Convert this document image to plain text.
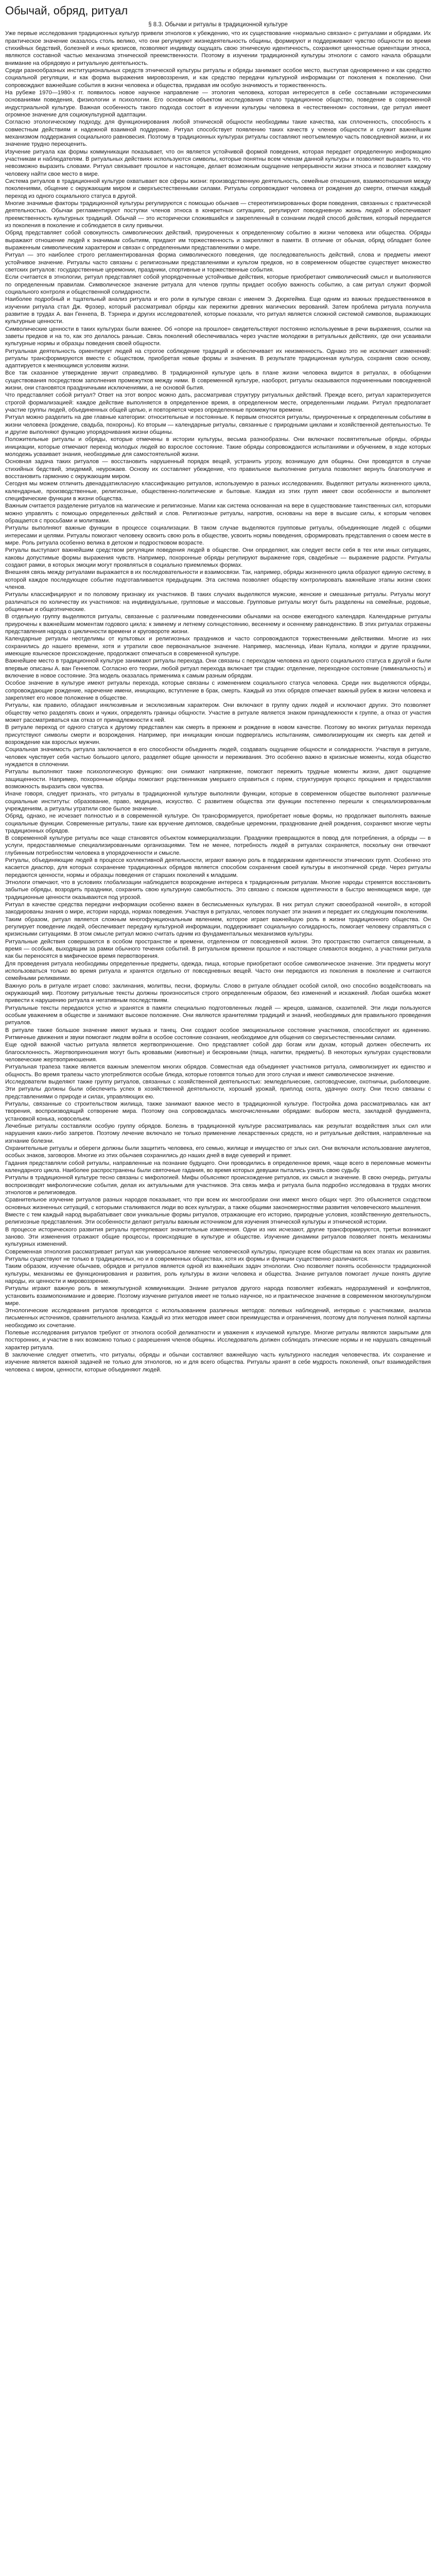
Обычай, обряд, ритуал
§ 8.3. Обычаи и ритуалы в традиционной культуре

Уже первые исследования традиционных культур привели этнологов к убеждению, что их существование «нормально связано» с ритуалами и обрядами. Их практическое значение оказалось столь велико, что они регулируют жизнедеятельность общины, формируют и поддерживают чувство общности во время стихийных бедствий, болезней и иных кризисов, позволяют индивиду ощущать свою этническую идентичность, сохраняют ценностные ориентации этноса, являются составной частью механизма этнической преемственности. Поэтому в изучении традиционной культуры этнологи с самого начала обращали внимание на обрядовую и ритуальную деятельность.

Среди разнообразных институциональных средств этнической культуры ритуалы и обряды занимают особое место, выступая одновременно и как средство социальной регуляции, и как форма выражения мировоззрения, и как средство передачи культурной информации от поколения к поколению. Они сопровождают важнейшие события в жизни человека и общества, придавая им особую значимость и торжественность.

На рубеже 1970—1980-х гг. появилось новое научное направление — этология человека, которая интересуется в себе составными историческими основаниями поведения, физиологии и психологии. Его основным объектом исследования стало традиционное общество, поведение в современной индустриальной культуре. Важная особенность такого подхода состоит в изучении культуры человека в «естественном» состоянии, где ритуал имеет огромное значение для социокультурной адаптации.

Согласно этологическому подходу, для функционирования любой этнической общности необходимы такие качества, как сплоченность, способность к совместным действиям и надежной взаимной поддержке. Ритуал способствует появлению таких качеств у членов общности и служит важнейшим механизмом поддержания социального равновесия. Поэтому в традиционных культурах ритуалы составляют неотъемлемую часть повседневной жизни, и их значение трудно переоценить.

Изучение ритуала как формы коммуникации показывает, что он является устойчивой формой поведения, которая передает определенную информацию участникам и наблюдателям. В ритуальных действиях используются символы, которые понятны всем членам данной культуры и позволяют выразить то, что невозможно выразить словами. Ритуал связывает прошлое и настоящее, делает возможным ощущение непрерывности жизни этноса и позволяет каждому человеку найти свое место в мире.

Система ритуалов в традиционной культуре охватывает все сферы жизни: производственную деятельность, семейные отношения, взаимоотношения между поколениями, общение с окружающим миром и сверхъестественными силами. Ритуалы сопровождают человека от рождения до смерти, отмечая каждый переход из одного социального статуса в другой.

Многие значимые факторы традиционной культуры регулируются с помощью обычаев — стереотипизированных форм поведения, связанных с практической деятельностью. Обычаи регламентируют поступки членов этноса в конкретных ситуациях, регулируют повседневную жизнь людей и обеспечивают преемственность культурных традиций. Обычай — это исторически сложившийся и закрепленный в сознании людей способ действия, который передается из поколения в поколение и соблюдается в силу привычки.

Обряд представляет собой совокупность символических действий, приуроченных к определенному событию в жизни человека или общества. Обряды выражают отношение людей к значимым событиям, придают им торжественность и закрепляют в памяти. В отличие от обычая, обряд обладает более выраженным символическим характером и связан с определенными представлениями о мире.

Ритуал — это наиболее строго регламентированная форма символического поведения, где последовательность действий, слова и предметы имеют устойчивое значение. Ритуалы часто связаны с религиозными представлениями и культом предков, но в современном обществе существует множество светских ритуалов: государственные церемонии, праздники, спортивные и торжественные события.

Если считается в этнологии, ритуал представляет собой упорядоченные устойчивые действия, которые приобретают символический смысл и выполняются по определенным правилам. Символическое значение ритуала для членов группы придает особую важность событию, а сам ритуал служит формой социального контроля и общественной солидарности.

Наиболее подробный и тщательный анализ ритуала и его роли в культуре связан с именем Э. Дюркгейма. Еще одним из важных предшественников в изучении ритуала стал Дж. Фрэзер, который рассматривал обряды как пережитки древних магических верований. Затем проблема ритуала получила развитие в трудах А. ван Геннепа, В. Тэрнера и других исследователей, которые показали, что ритуал является сложной системой символов, выражающих культурные ценности.

Символические ценности в таких культурах были важнее. Об «опоре на прошлое» свидетельствуют постоянно используемые в речи выражения, ссылки на заветы предков и на то, как это делалось раньше. Связь поколений обеспечивалась через участие молодежи в ритуальных действиях, где они усваивали культурные нормы и образцы поведения своей общности.

Ритуальная деятельность ориентирует людей на строгое соблюдение традиций и обеспечивает их неизменность. Однако это не исключает изменений: ритуалы трансформируются вместе с обществом, приобретая новые формы и значения. В результате традиционная культура, сохраняя свою основу, адаптируется к меняющимся условиям жизни.

Все так сказанное утверждение звучит справедливо. В традиционной культуре цель в плане жизни человека видится в ритуалах, в обобщении существования посредством заполнения промежутков между ними. В современной культуре, наоборот, ритуалы оказываются подчиненными повседневной жизни, они становятся праздничными исключениями, а не основой бытия.

Что представляет собой ритуал? Ответ на этот вопрос можно дать, рассматривая структуру ритуальных действий. Прежде всего, ритуал характеризуется строгой формализацией: каждое действие выполняется в определенное время, в определенном месте, определенными людьми. Ритуал предполагает участие группы людей, объединенных общей целью, и повторяется через определенные промежутки времени.

Ритуал можно разделить на две главные категории: относительные и постоянные. К первым относятся ритуалы, приуроченные к определенным событиям в жизни человека (рождение, свадьба, похороны). Ко вторым — календарные ритуалы, связанные с природными циклами и хозяйственной деятельностью. Те и другие выполняют функцию упорядочивания жизни общины.

Положительные ритуалы и обряды, которые отмечены в истории культуры, весьма разнообразны. Они включают посвятительные обряды, обряды инициации, которые отмечают переход молодых людей во взрослое состояние. Такие обряды сопровождаются испытаниями и обучением, в ходе которых молодежь усваивает знания, необходимые для самостоятельной жизни.

Основная задача таких ритуалов — восстановить нарушенный порядок вещей, устранить угрозу, возникшую для общины. Они проводятся в случае стихийных бедствий, эпидемий, неурожаев. Основу их составляет убеждение, что правильное выполнение ритуала позволяет вернуть благополучие и восстановить гармонию с окружающим миром.

Сегодня мы можем отличить двенадцатикласную классификацию ритуалов, используемую в разных исследованиях. Выделяют ритуалы жизненного цикла, календарные, производственные, религиозные, общественно-политические и бытовые. Каждая из этих групп имеет свои особенности и выполняет специфические функции в жизни общества.

Важным считается разделение ритуалов на магические и религиозные. Магии как система основанная на вере в существование таинственных сил, которыми можно управлять с помощью определенных действий и слов. Религиозные ритуалы, напротив, основаны на вере в высшие силы, к которым человек обращается с просьбами и молитвами.

Ритуалы выполняют важные функции в процессе социализации. В таком случае выделяются групповые ритуалы, объединяющие людей с общими интересами и целями. Ритуалы помогают человеку освоить свою роль в обществе, усвоить нормы поведения, сформировать представления о своем месте в мире. Роль ритуала особенно велика в детском и подростковом возрасте.

Ритуалы выступают важнейшим средством регуляции поведения людей в обществе. Они определяют, как следует вести себя в тех или иных ситуациях, каковы допустимые формы выражения чувств. Например, похоронные обряды регулируют выражение горя, свадебные — выражение радости. Ритуалы создают рамки, в которых эмоции могут проявляться в социально приемлемых формах.

Внешняя связь между ритуалами выражается в их последовательности и взаимосвязи. Так, например, обряды жизненного цикла образуют единую систему, в которой каждое последующее событие подготавливается предыдущим. Эта система позволяет обществу контролировать важнейшие этапы жизни своих членов.

Ритуалы классифицируют и по половому признаку их участников. В таких случаях выделяются мужские, женские и смешанные ритуалы. Ритуалы могут различаться по количеству их участников: на индивидуальные, групповые и массовые. Групповые ритуалы могут быть разделены на семейные, родовые, общинные и общеэтнические.

В отдельную группу выделяются ритуалы, связанные с различными поведенческими обычаями на основе ежегодного календаря. Календарные ритуалы приурочены к важнейшим моментам годового цикла: к зимнему и летнему солнцестоянию, весеннему и осеннему равноденствию. В этих ритуалах отражены представления народа о цикличности времени и круговороте жизни.

Календарные ритуалы неотделимы от культовых и религиозных праздников и часто сопровождаются торжественными действиями. Многие из них сохранились до нашего времени, хотя и утратили свое первоначальное значение. Например, масленица, Иван Купала, колядки и другие праздники, имеющие языческое происхождение, продолжают отмечаться в современной культуре.

Важнейшее место в традиционной культуре занимают ритуалы перехода. Они связаны с переходом человека из одного социального статуса в другой и были впервые описаны А. ван Геннепом. Согласно его теории, любой ритуал перехода включает три стадии: отделение, переходное состояние (лиминальность) и включение в новое состояние. Эта модель оказалась применима к самым разным обрядам.

Особое значение в культуре имеют ритуалы перехода, которые связаны с изменением социального статуса человека. Среди них выделяются обряды, сопровождающие рождение, наречение имени, инициацию, вступление в брак, смерть. Каждый из этих обрядов отмечает важный рубеж в жизни человека и закрепляет его новое положение в обществе.

Ритуалы, как правило, обладают инклюзивным и эксклюзивным характером. Они включают в группу одних людей и исключают других. Это позволяет обществу четко разделять своих и чужих, определять границы общности. Участие в ритуале является знаком принадлежности к группе, а отказ от участия может рассматриваться как отказ от принадлежности к ней.

В ритуале переход от одного статуса к другому представлен как смерть в прежнем и рождение в новом качестве. Поэтому во многих ритуалах перехода присутствуют символы смерти и возрождения. Например, при инициации юноши подвергались испытаниям, символизирующим их смерть как детей и возрождение как взрослых мужчин.

Социальная значимость ритуала заключается в его способности объединять людей, создавать ощущение общности и солидарности. Участвуя в ритуале, человек чувствует себя частью большого целого, разделяет общие ценности и переживания. Это особенно важно в кризисные моменты, когда общество нуждается в сплочении.

Ритуалы выполняют также психологическую функцию: они снимают напряжение, помогают пережить трудные моменты жизни, дают ощущение защищенности. Например, похоронные обряды помогают родственникам умершего справиться с горем, структурируя процесс прощания и предоставляя возможность выразить свои чувства.

Иначе говоря, следует признать, что ритуалы в традиционной культуре выполняли функции, которые в современном обществе выполняют различные социальные институты: образование, право, медицина, искусство. С развитием общества эти функции постепенно перешли к специализированным учреждениям, а ритуалы утратили свое былое значение.

Обряд, однако, не исчезает полностью и в современной культуре. Он трансформируется, приобретает новые формы, но продолжает выполнять важные социальные функции. Современные ритуалы, такие как вручение дипломов, свадебные церемонии, празднование дней рождения, сохраняют многие черты традиционных обрядов.

В современной культуре ритуалы все чаще становятся объектом коммерциализации. Праздники превращаются в повод для потребления, а обряды — в услуги, предоставляемые специализированными организациями. Тем не менее, потребность людей в ритуалах сохраняется, поскольку они отвечают глубинным потребностям человека в упорядоченности и смысле.

Ритуалы, объединяющие людей в процессе коллективной деятельности, играют важную роль в поддержании идентичности этнических групп. Особенно это касается диаспор, для которых сохранение традиционных обрядов является способом сохранения своей культуры в иноэтничной среде. Через ритуалы передаются ценности, нормы и образцы поведения от старших поколений к младшим.

Этнологи отмечают, что в условиях глобализации наблюдается возрождение интереса к традиционным ритуалам. Многие народы стремятся восстановить забытые обряды, возродить праздники, сохранить свою культурную самобытность. Это связано с поиском идентичности в быстро меняющемся мире, где традиционные ценности оказываются под угрозой.

Ритуал в качестве средства передачи информации особенно важен в бесписьменных культурах. В них ритуал служит своеобразной «книгой», в которой закодированы знания о мире, истории народа, нормах поведения. Участвуя в ритуалах, человек получает эти знания и передает их следующим поколениям.

Таким образом, ритуал является сложным многофункциональным явлением, которое играет важнейшую роль в жизни традиционного общества. Он регулирует поведение людей, обеспечивает передачу культурной информации, поддерживает социальную солидарность, помогает человеку справляться с кризисными ситуациями. В этом смысле ритуал можно считать одним из фундаментальных механизмов культуры.

Ритуальные действия совершаются в особом пространстве и времени, отделенном от повседневной жизни. Это пространство считается священным, а время — особым, выходящим за рамки обычного течения событий. В ритуальном времени прошлое и настоящее сливаются воедино, а участники ритуала как бы переносятся в мифическое время первотворения.

Для проведения ритуала необходимы определенные предметы, одежда, пища, которые приобретают особое символическое значение. Эти предметы могут использоваться только во время ритуала и хранятся отдельно от повседневных вещей. Часто они передаются из поколения в поколение и считаются семейными реликвиями.

Важную роль в ритуале играет слово: заклинания, молитвы, песни, формулы. Слово в ритуале обладает особой силой, оно способно воздействовать на окружающий мир. Поэтому ритуальные тексты должны произноситься строго определенным образом, без изменений и искажений. Любая ошибка может привести к нарушению ритуала и негативным последствиям.

Ритуальные тексты передаются устно и хранятся в памяти специально подготовленных людей — жрецов, шаманов, сказителей. Эти люди пользуются особым уважением в обществе и занимают высокое положение. Они являются хранителями традиций и знаний, необходимых для правильного проведения ритуалов.

В ритуале также большое значение имеют музыка и танец. Они создают особое эмоциональное состояние участников, способствуют их единению. Ритмичные движения и звуки помогают людям войти в особое состояние сознания, необходимое для общения со сверхъестественными силами.

Еще одной важной частью ритуала является жертвоприношение. Оно представляет собой дар богам или духам, который должен обеспечить их благосклонность. Жертвоприношения могут быть кровавыми (животные) и бескровными (пища, напитки, предметы). В некоторых культурах существовали человеческие жертвоприношения.

Ритуальная трапеза также является важным элементом многих обрядов. Совместная еда объединяет участников ритуала, символизирует их единство и общность. Во время трапезы часто употребляются особые блюда, которые готовятся только для этого случая и имеют символическое значение.

Исследователи выделяют также группу ритуалов, связанных с хозяйственной деятельностью: земледельческие, скотоводческие, охотничьи, рыболовецкие. Эти ритуалы должны были обеспечить успех в хозяйственной деятельности, хороший урожай, приплод скота, удачную охоту. Они тесно связаны с представлениями о природе и силах, управляющих ею.

Ритуалы, связанные со строительством жилища, также занимают важное место в традиционной культуре. Постройка дома рассматривалась как акт творения, воспроизводящий сотворение мира. Поэтому она сопровождалась многочисленными обрядами: выбором места, закладкой фундамента, установкой конька, новосельем.

Лечебные ритуалы составляли особую группу обрядов. Болезнь в традиционной культуре рассматривалась как результат воздействия злых сил или нарушения каких-либо запретов. Поэтому лечение включало не только применение лекарственных средств, но и ритуальные действия, направленные на изгнание болезни.

Охранительные ритуалы и обереги должны были защитить человека, его семью, жилище и имущество от злых сил. Они включали использование амулетов, особых знаков, заговоров. Многие из этих обычаев сохранились до наших дней в виде суеверий и примет.

Гадания представляли собой ритуалы, направленные на познание будущего. Они проводились в определенное время, чаще всего в переломные моменты календарного цикла. Наиболее распространены были святочные гадания, во время которых девушки пытались узнать свою судьбу.

Ритуалы в традиционной культуре тесно связаны с мифологией. Мифы объясняют происхождение ритуалов, их смысл и значение. В свою очередь, ритуалы воспроизводят мифологические события, делая их актуальными для участников. Эта связь мифа и ритуала была подробно исследована в трудах многих этнологов и религиоведов.

Сравнительное изучение ритуалов разных народов показывает, что при всем их многообразии они имеют много общих черт. Это объясняется сходством основных жизненных ситуаций, с которыми сталкиваются люди во всех культурах, а также общими закономерностями развития человеческого мышления.

Вместе с тем каждый народ вырабатывает свои уникальные формы ритуалов, отражающие его историю, природные условия, хозяйственную деятельность, религиозные представления. Эти особенности делают ритуалы важным источником для изучения этнической культуры и этнической истории.

В процессе исторического развития ритуалы претерпевают значительные изменения. Одни из них исчезают, другие трансформируются, третьи возникают заново. Эти изменения отражают общие процессы, происходящие в культуре и обществе. Изучение динамики ритуалов позволяет понять механизмы культурных изменений.

Современная этнология рассматривает ритуал как универсальное явление человеческой культуры, присущее всем обществам на всех этапах их развития. Ритуалы существуют не только в традиционных, но и в современных обществах, хотя их формы и функции существенно различаются.

Таким образом, изучение обычаев, обрядов и ритуалов является одной из важнейших задач этнологии. Оно позволяет понять особенности традиционной культуры, механизмы ее функционирования и развития, роль культуры в жизни человека и общества. Знание ритуалов помогает лучше понять другие народы, их ценности и мировоззрение.

Ритуалы играют важную роль в межкультурной коммуникации. Знание ритуалов другого народа позволяет избежать недоразумений и конфликтов, установить взаимопонимание и доверие. Поэтому изучение ритуалов имеет не только научное, но и практическое значение в современном многокультурном мире.

Этнологические исследования ритуалов проводятся с использованием различных методов: полевых наблюдений, интервью с участниками, анализа письменных источников, сравнительного анализа. Каждый из этих методов имеет свои преимущества и ограничения, поэтому для получения полной картины необходимо их сочетание.

Полевые исследования ритуалов требуют от этнолога особой деликатности и уважения к изучаемой культуре. Многие ритуалы являются закрытыми для посторонних, и участие в них возможно только с разрешения членов общины. Исследователь должен соблюдать этические нормы и не нарушать священный характер ритуала.

В заключение следует отметить, что ритуалы, обряды и обычаи составляют важнейшую часть культурного наследия человечества. Их сохранение и изучение является важной задачей не только для этнологов, но и для всего общества. Ритуалы хранят в себе мудрость поколений, опыт взаимодействия человека с миром, ценности, которые объединяют людей.
